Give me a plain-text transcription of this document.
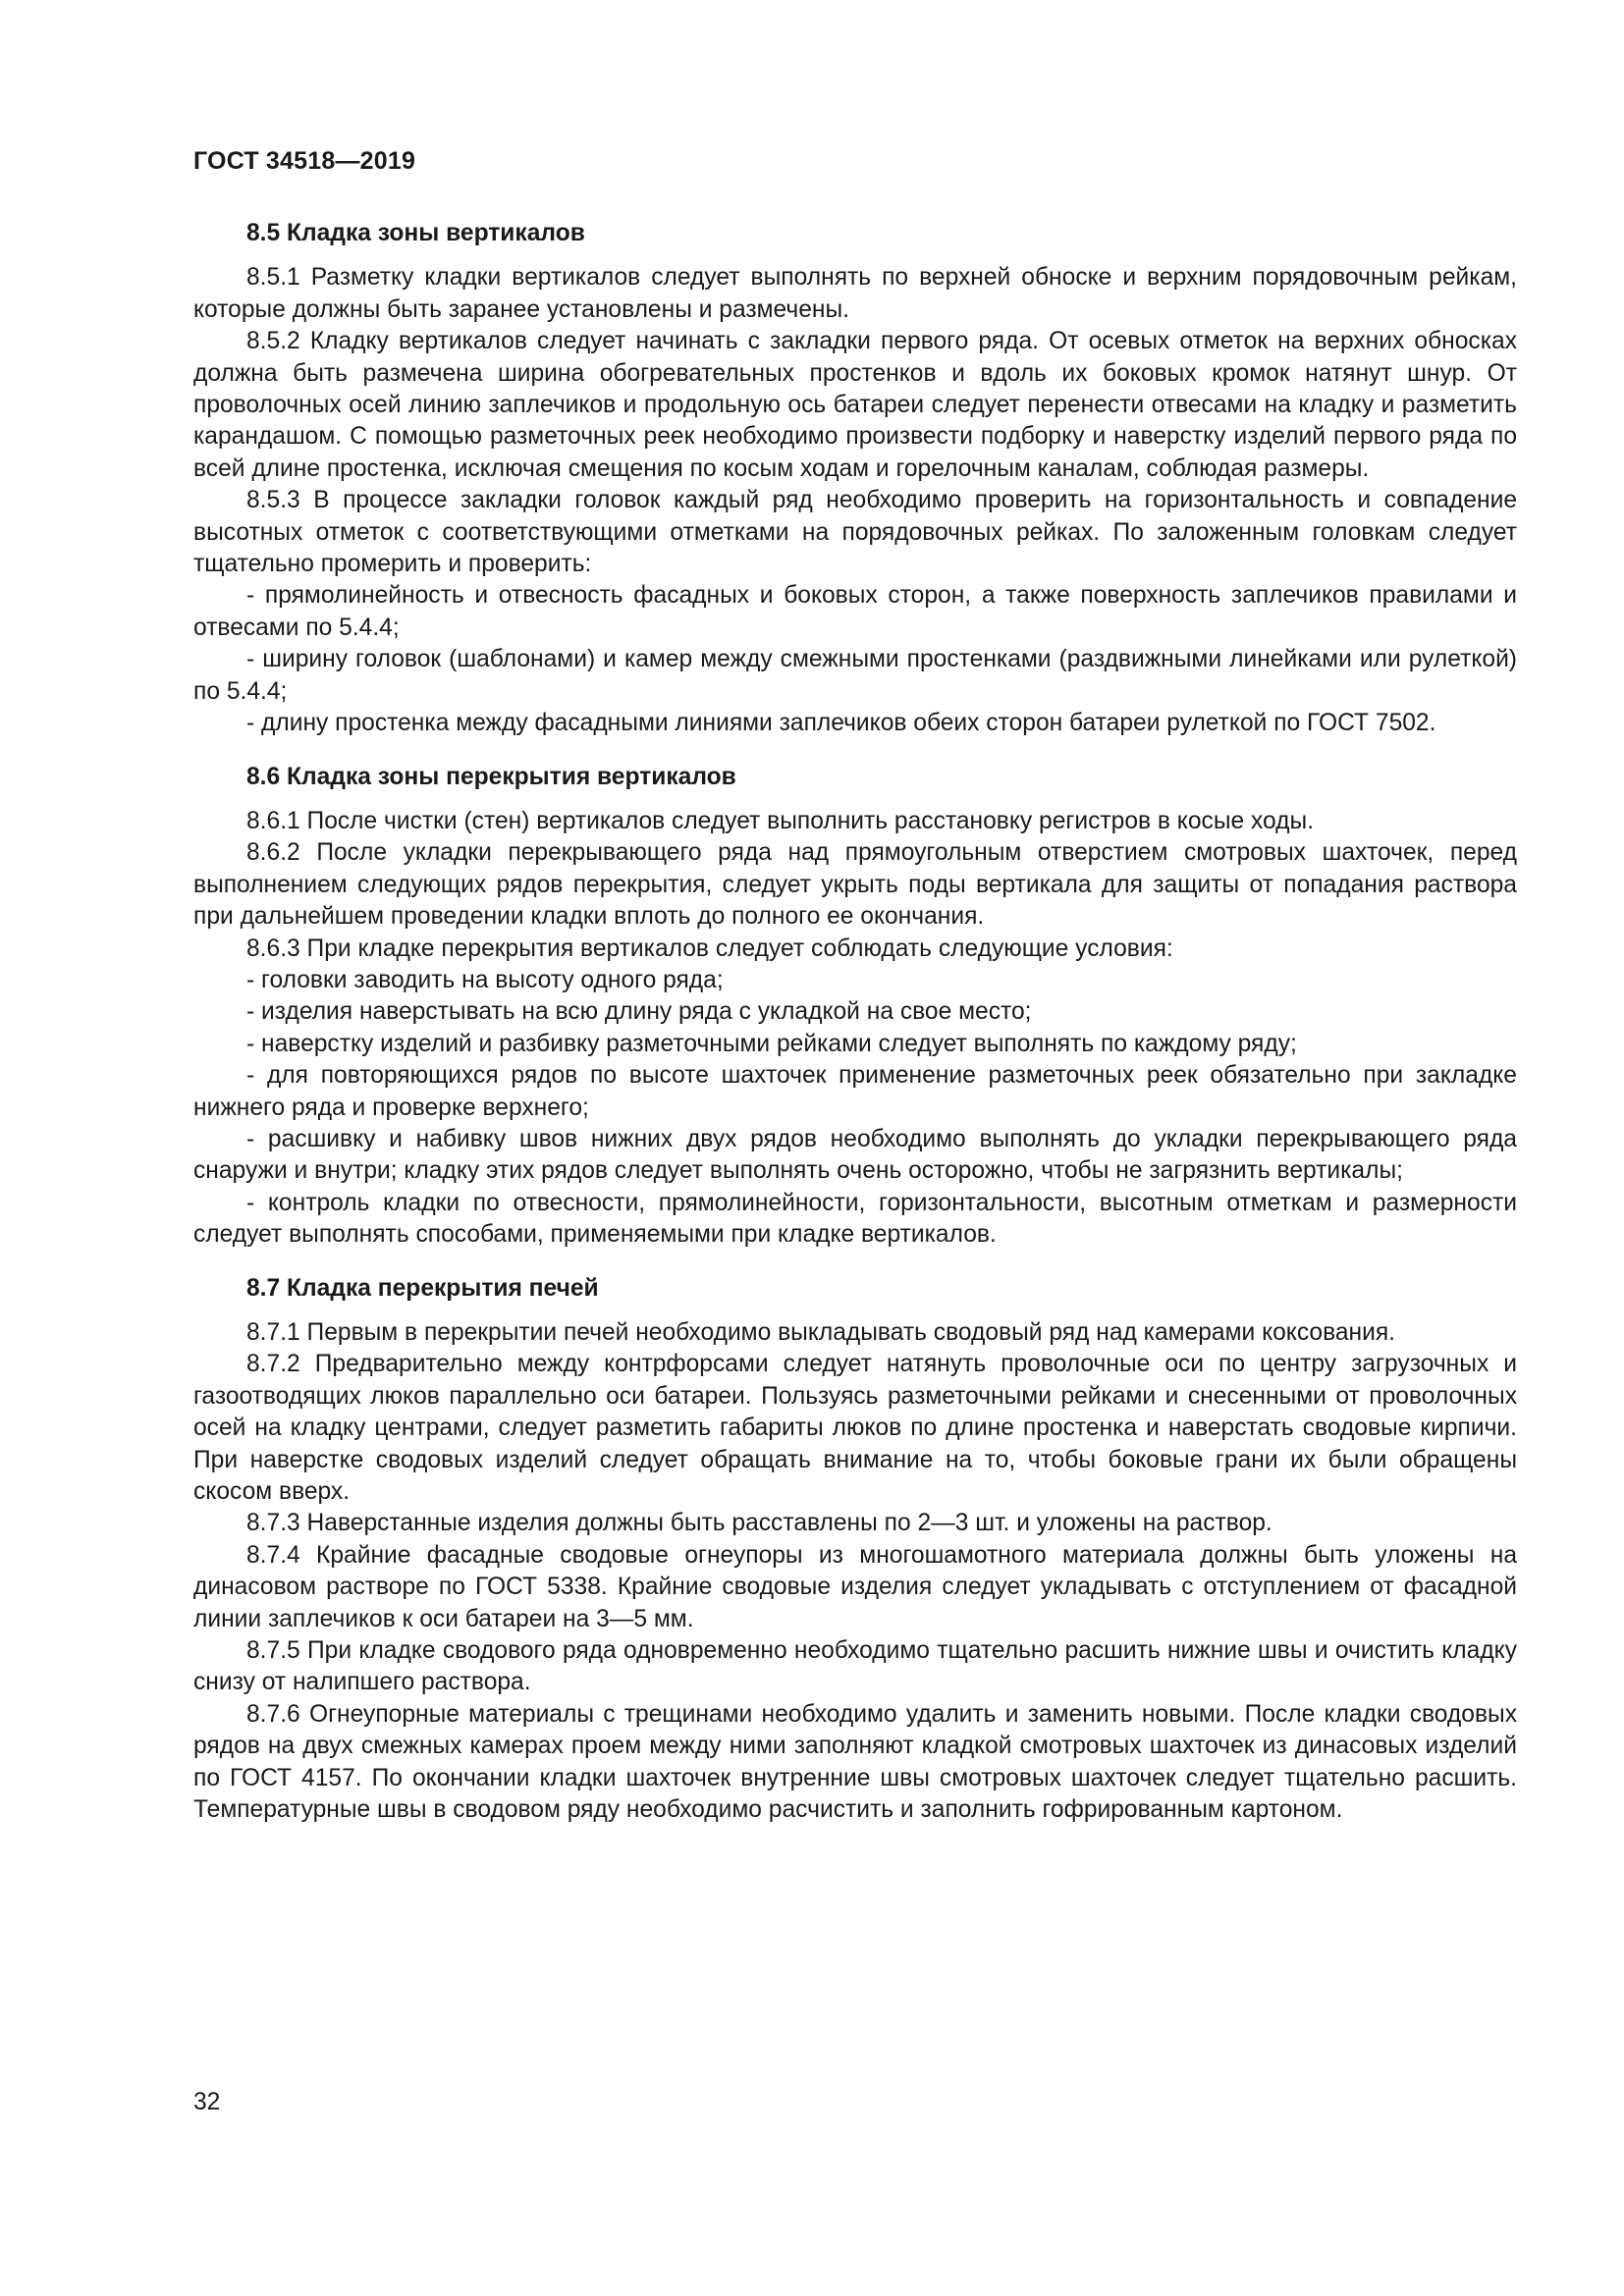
ГОСТ 34518—2019
8.5 Кладка зоны вертикалов

8.5.1 Разметку кладки вертикалов следует выполнять по верхней обноске и верхним порядовочным рейкам, которые должны быть заранее установлены и размечены.

8.5.2 Кладку вертикалов следует начинать с закладки первого ряда. От осевых отметок на верхних обносках должна быть размечена ширина обогревательных простенков и вдоль их боковых кромок натянут шнур. От проволочных осей линию заплечиков и продольную ось батареи следует перенести отвесами на кладку и разметить карандашом. С помощью разметочных реек необходимо произвести подборку и наверстку изделий первого ряда по всей длине простенка, исключая смещения по косым ходам и горелочным каналам, соблюдая размеры.

8.5.3 В процессе закладки головок каждый ряд необходимо проверить на горизонтальность и совпадение высотных отметок с соответствующими отметками на порядовочных рейках. По заложенным головкам следует тщательно промерить и проверить:

- прямолинейность и отвесность фасадных и боковых сторон, а также поверхность заплечиков правилами и отвесами по 5.4.4;

- ширину головок (шаблонами) и камер между смежными простенками (раздвижными линейками или рулеткой) по 5.4.4;

- длину простенка между фасадными линиями заплечиков обеих сторон батареи рулеткой по ГОСТ 7502.

8.6 Кладка зоны перекрытия вертикалов

8.6.1 После чистки (стен) вертикалов следует выполнить расстановку регистров в косые ходы.

8.6.2 После укладки перекрывающего ряда над прямоугольным отверстием смотровых шахточек, перед выполнением следующих рядов перекрытия, следует укрыть поды вертикала для защиты от попадания раствора при дальнейшем проведении кладки вплоть до полного ее окончания.

8.6.3 При кладке перекрытия вертикалов следует соблюдать следующие условия:

- головки заводить на высоту одного ряда;

- изделия наверстывать на всю длину ряда с укладкой на свое место;

- наверстку изделий и разбивку разметочными рейками следует выполнять по каждому ряду;

- для повторяющихся рядов по высоте шахточек применение разметочных реек обязательно при закладке нижнего ряда и проверке верхнего;

- расшивку и набивку швов нижних двух рядов необходимо выполнять до укладки перекрывающего ряда снаружи и внутри; кладку этих рядов следует выполнять очень осторожно, чтобы не загрязнить вертикалы;

- контроль кладки по отвесности, прямолинейности, горизонтальности, высотным отметкам и размерности следует выполнять способами, применяемыми при кладке вертикалов.

8.7 Кладка перекрытия печей

8.7.1 Первым в перекрытии печей необходимо выкладывать сводовый ряд над камерами коксования.

8.7.2 Предварительно между контрфорсами следует натянуть проволочные оси по центру загрузочных и газоотводящих люков параллельно оси батареи. Пользуясь разметочными рейками и снесенными от проволочных осей на кладку центрами, следует разметить габариты люков по длине простенка и наверстать сводовые кирпичи. При наверстке сводовых изделий следует обращать внимание на то, чтобы боковые грани их были обращены скосом вверх.

8.7.3 Наверстанные изделия должны быть расставлены по 2—3 шт. и уложены на раствор.

8.7.4 Крайние фасадные сводовые огнеупоры из многошамотного материала должны быть уложены на динасовом растворе по ГОСТ 5338. Крайние сводовые изделия следует укладывать с отступлением от фасадной линии заплечиков к оси батареи на 3—5 мм.

8.7.5 При кладке сводового ряда одновременно необходимо тщательно расшить нижние швы и очистить кладку снизу от налипшего раствора.

8.7.6 Огнеупорные материалы с трещинами необходимо удалить и заменить новыми. После кладки сводовых рядов на двух смежных камерах проем между ними заполняют кладкой смотровых шахточек из динасовых изделий по ГОСТ 4157. По окончании кладки шахточек внутренние швы смотровых шахточек следует тщательно расшить. Температурные швы в сводовом ряду необходимо расчистить и заполнить гофрированным картоном.

32
